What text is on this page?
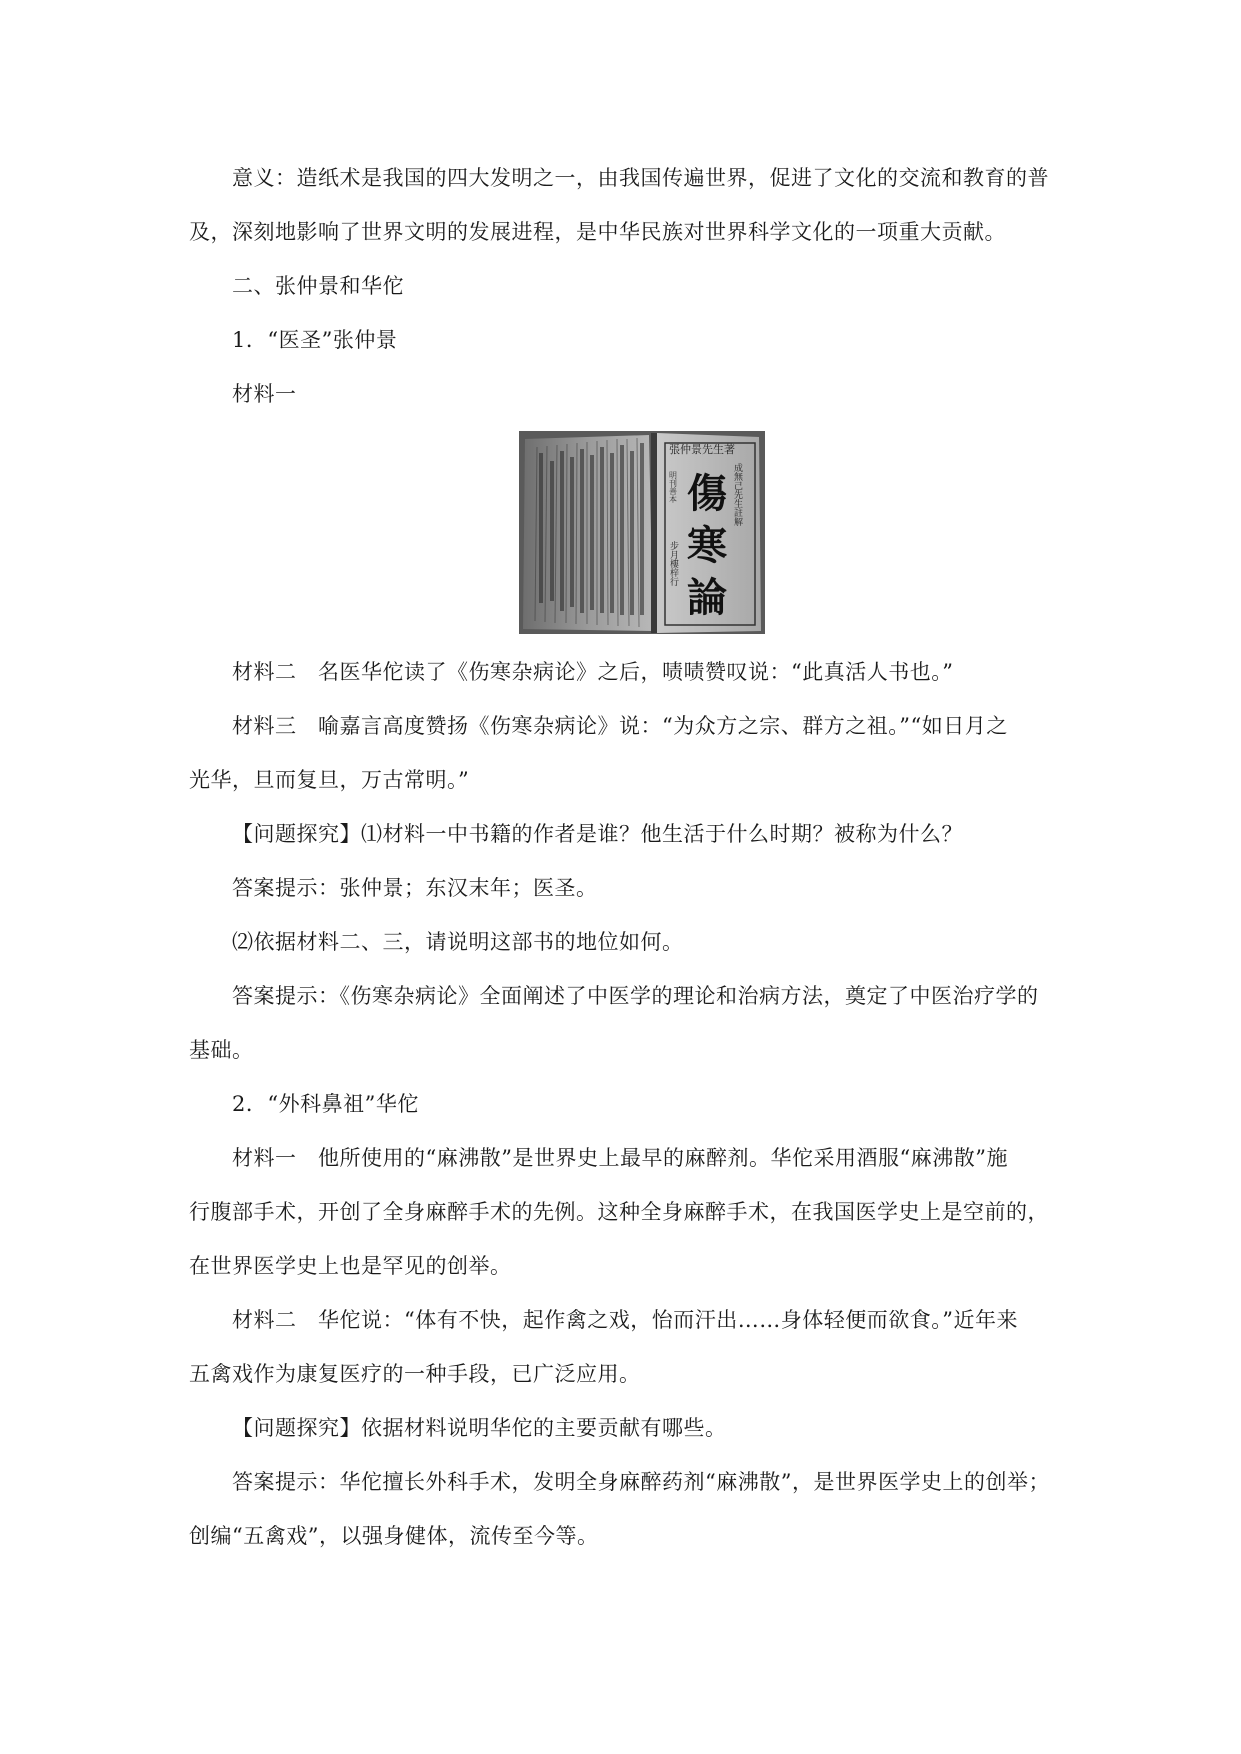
意义：造纸术是我国的四大发明之一，由我国传遍世界，促进了文化的交流和教育的普
及，深刻地影响了世界文明的发展进程，是中华民族对世界科学文化的一项重大贡献。
二、张仲景和华佗
1．“医圣”张仲景
材料一
張仲景先生著
成無己先生註解
明刊善本 傷
寒
論
步月樓梓行
材料二　名医华佗读了《伤寒杂病论》之后，啧啧赞叹说：“此真活人书也。”
材料三　喻嘉言高度赞扬《伤寒杂病论》说：“为众方之宗、群方之祖。”“如日月之
光华，旦而复旦，万古常明。”
【问题探究】⑴材料一中书籍的作者是谁？他生活于什么时期？被称为什么？
答案提示：张仲景；东汉末年；医圣。
⑵依据材料二、三，请说明这部书的地位如何。
答案提示：《伤寒杂病论》全面阐述了中医学的理论和治病方法，奠定了中医治疗学的
基础。
2．“外科鼻祖”华佗
材料一　他所使用的“麻沸散”是世界史上最早的麻醉剂。华佗采用酒服“麻沸散”施
行腹部手术，开创了全身麻醉手术的先例。这种全身麻醉手术，在我国医学史上是空前的，
在世界医学史上也是罕见的创举。
材料二　华佗说：“体有不快，起作禽之戏，怡而汗出……身体轻便而欲食。”近年来
五禽戏作为康复医疗的一种手段，已广泛应用。
【问题探究】依据材料说明华佗的主要贡献有哪些。
答案提示：华佗擅长外科手术，发明全身麻醉药剂“麻沸散”，是世界医学史上的创举；
创编“五禽戏”，以强身健体，流传至今等。
